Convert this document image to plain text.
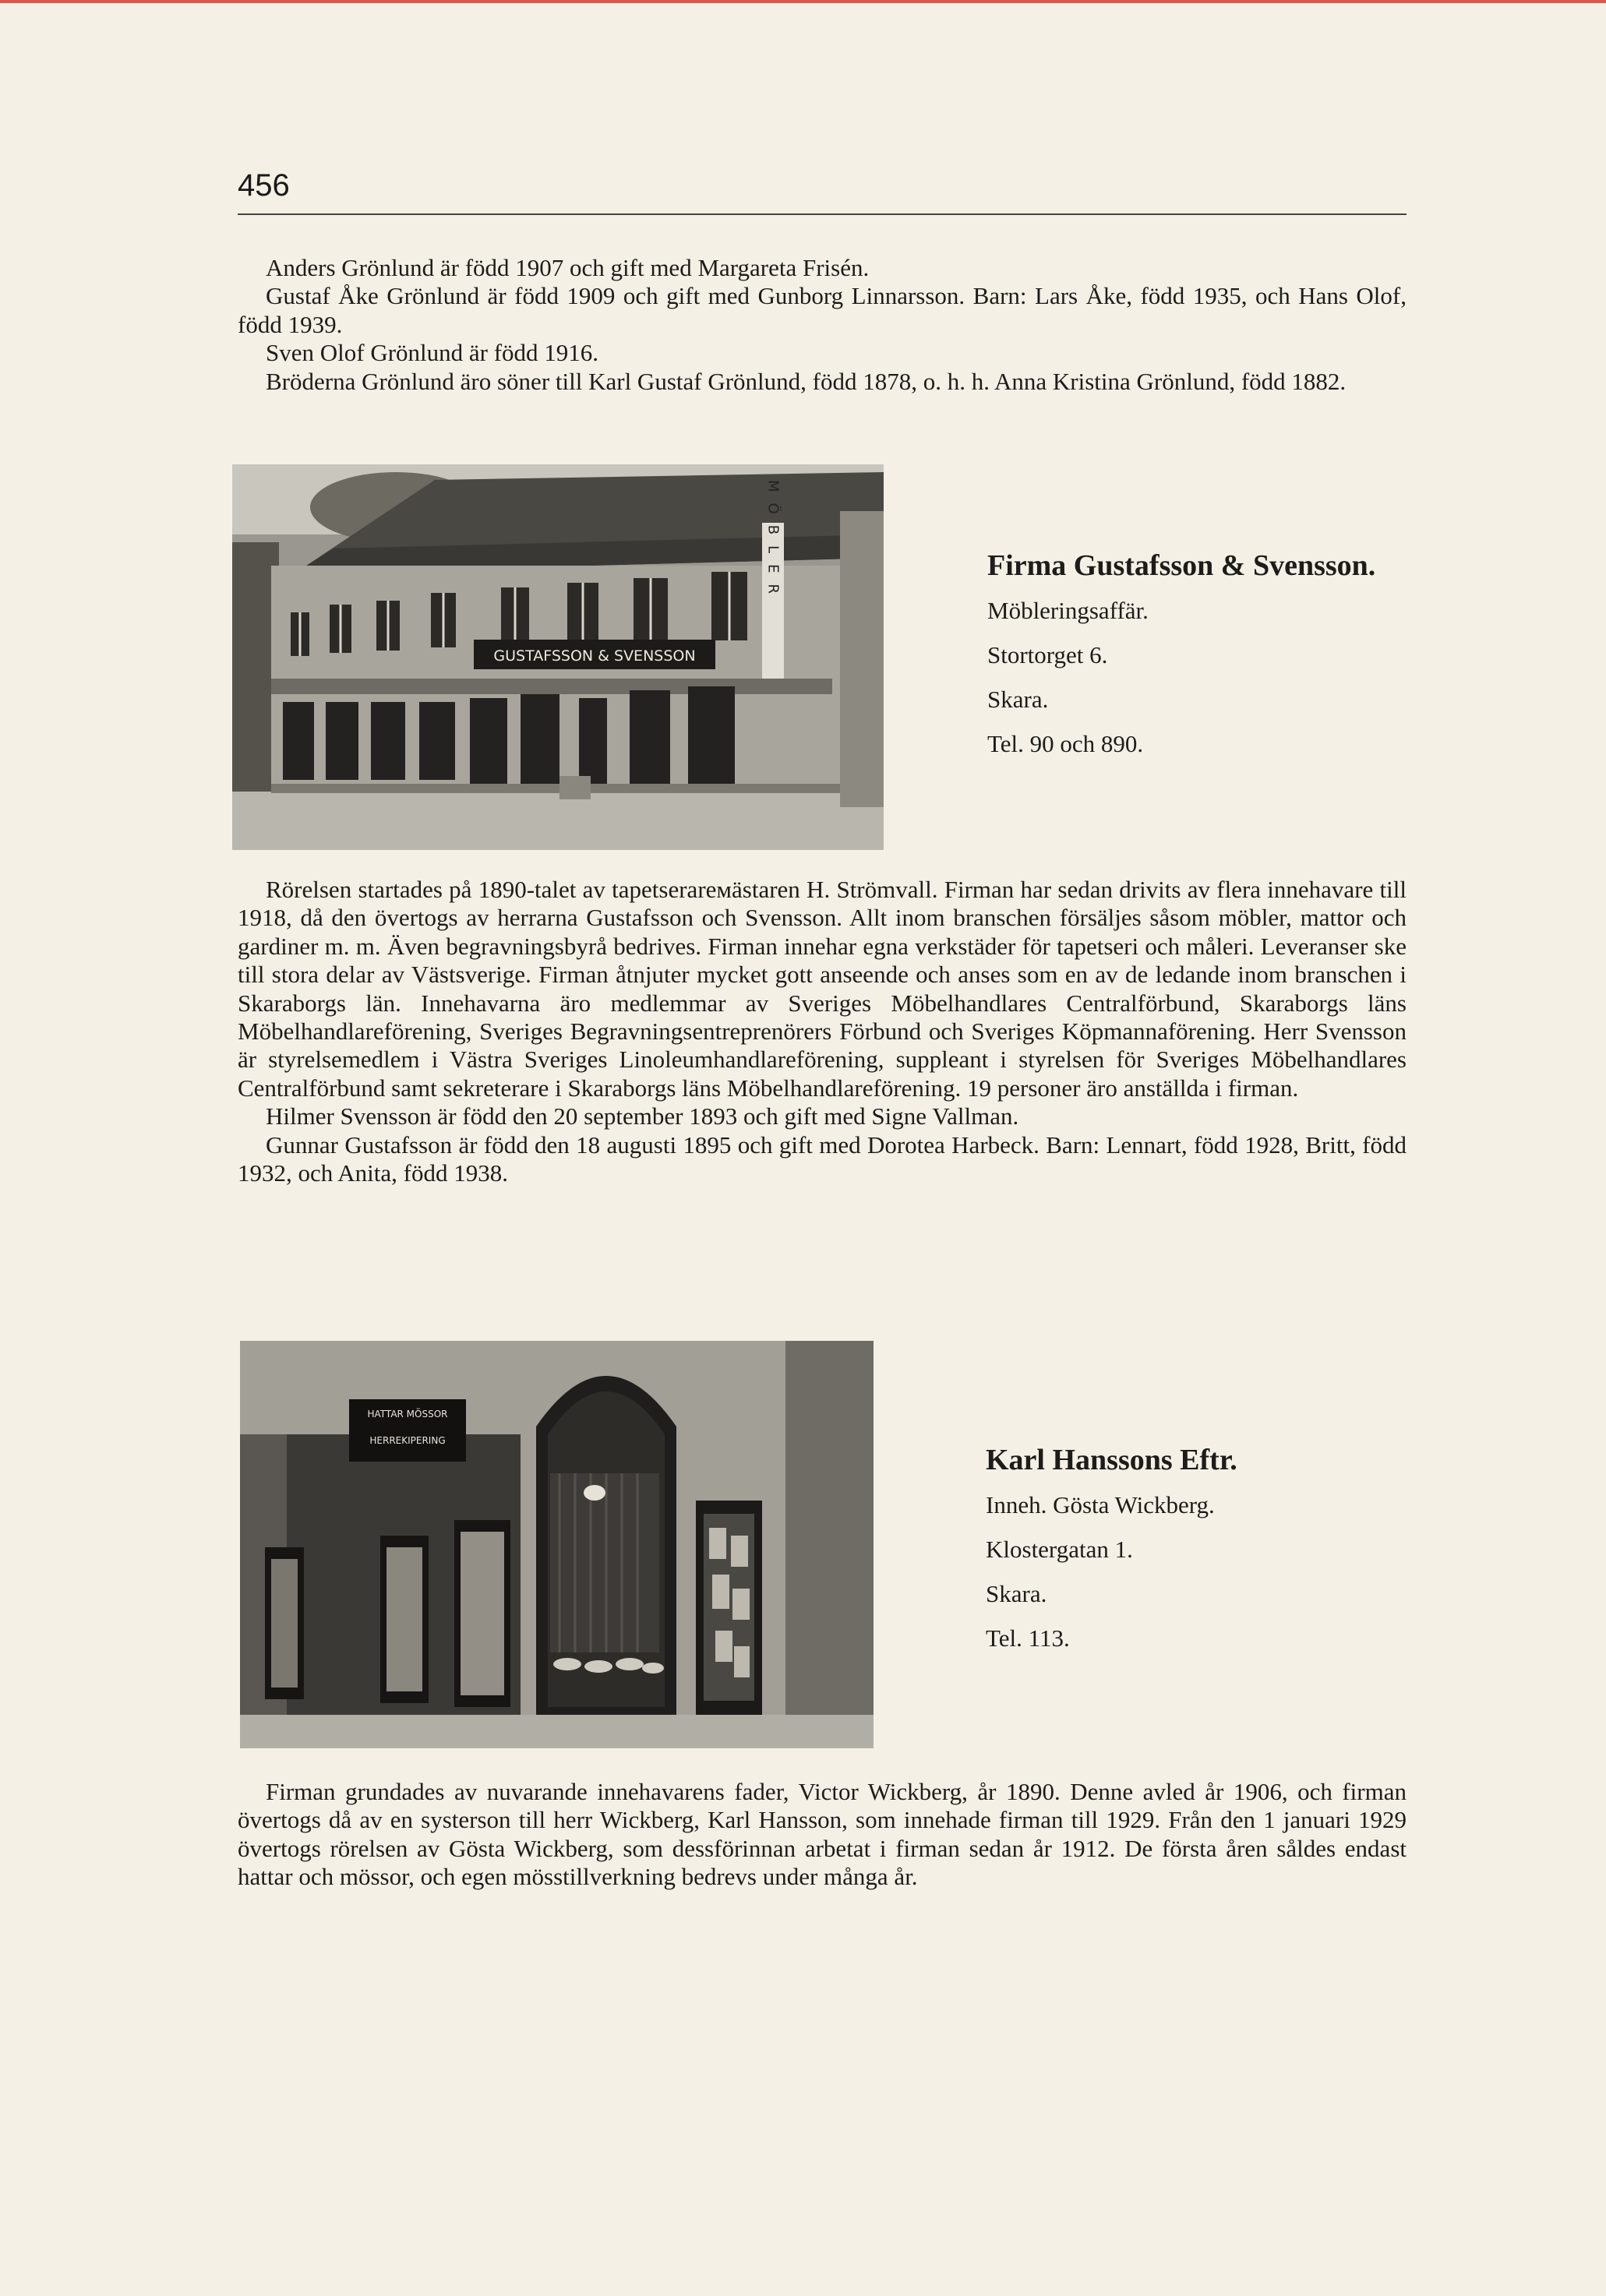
456

Anders Grönlund är född 1907 och gift med Margareta Frisén.

Gustaf Åke Grönlund är född 1909 och gift med Gunborg Linnarsson. Barn: Lars Åke, född 1935, och Hans Olof, född 1939.

Sven Olof Grönlund är född 1916.

Bröderna Grönlund äro söner till Karl Gustaf Grönlund, född 1878, o. h. h. Anna Kristina Grönlund, född 1882.

MÖBLER
GUSTAFSSON & SVENSSON
Firma Gustafsson & Svensson.
Möbleringsaffär.
Stortorget 6.
Skara.
Tel. 90 och 890.

Rörelsen startades på 1890-talet av tapetserarемästaren H. Strömvall. Firman har sedan drivits av flera innehavare till 1918, då den övertogs av herrarna Gustafsson och Svensson. Allt inom branschen försäljes såsom möbler, mattor och gardiner m. m. Även begravningsbyrå bedrives. Firman innehar egna verkstäder för tapetseri och måleri. Leveranser ske till stora delar av Västsverige. Firman åtnjuter mycket gott anseende och anses som en av de ledande inom branschen i Skaraborgs län. Innehavarna äro medlemmar av Sveriges Möbelhandlares Centralförbund, Skaraborgs läns Möbelhandlareförening, Sveriges Begravningsentreprenörers Förbund och Sveriges Köpmannaförening. Herr Svensson är styrelsemedlem i Västra Sveriges Linoleumhandlareförening, suppleant i styrelsen för Sveriges Möbelhandlares Centralförbund samt sekreterare i Skaraborgs läns Möbelhandlareförening. 19 personer äro anställda i firman.

Hilmer Svensson är född den 20 september 1893 och gift med Signe Vallman.

Gunnar Gustafsson är född den 18 augusti 1895 och gift med Dorotea Harbeck. Barn: Lennart, född 1928, Britt, född 1932, och Anita, född 1938.

HATTAR MÖSSOR
HERREKIPERING
Karl Hanssons Eftr.
Inneh. Gösta Wickberg.
Klostergatan 1.
Skara.
Tel. 113.

Firman grundades av nuvarande innehavarens fader, Victor Wickberg, år 1890. Denne avled år 1906, och firman övertogs då av en systerson till herr Wickberg, Karl Hansson, som innehade firman till 1929. Från den 1 januari 1929 övertogs rörelsen av Gösta Wickberg, som dessförinnan arbetat i firman sedan år 1912. De första åren såldes endast hattar och mössor, och egen mösstillverkning bedrevs under många år.
